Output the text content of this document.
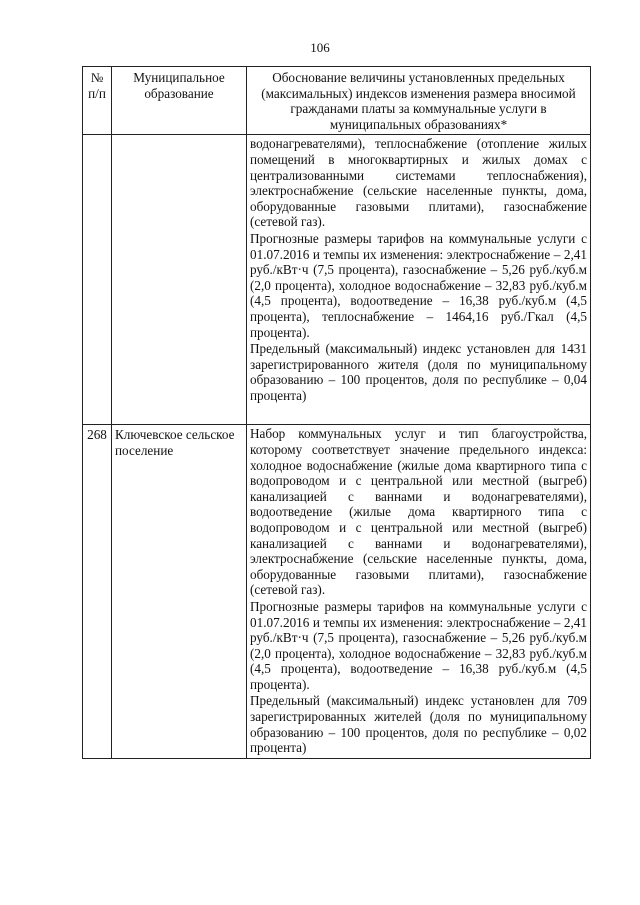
106
№ п/п	Муниципальное образование	Обоснование величины установленных предельных (максимальных) индексов изменения размера вносимой гражданами платы за коммунальные услуги в муниципальных образованиях*

		водонагревателями), теплоснабжение (отопление жилых помещений в многоквартирных и жилых домах с централизованными системами теплоснабжения), электроснабжение (сельские населенные пункты, дома, оборудованные газовыми плитами), газоснабжение (сетевой газ).

Прогнозные размеры тарифов на коммунальные услуги с 01.07.2016 и темпы их изменения: электроснабжение – 2,41 руб./кВт·ч (7,5 процента), газоснабжение – 5,26 руб./куб.м (2,0 процента), холодное водоснабжение – 32,83 руб./куб.м (4,5 процента), водоотведение – 16,38 руб./куб.м (4,5 процента), теплоснабжение – 1464,16 руб./Гкал (4,5 процента).

Предельный (максимальный) индекс установлен для 1431 зарегистрированного жителя (доля по муниципальному образованию – 100 процентов, доля по республике – 0,04 процента)

268	Ключевское сельское поселение	Набор коммунальных услуг и тип благоустройства, которому соответствует значение предельного индекса: холодное водоснабжение (жилые дома квартирного типа с водопроводом и с центральной или местной (выгреб) канализацией с ваннами и водонагревателями), водоотведение (жилые дома квартирного типа с водопроводом и с центральной или местной (выгреб) канализацией с ваннами и водонагревателями), электроснабжение (сельские населенные пункты, дома, оборудованные газовыми плитами), газоснабжение (сетевой газ).

Прогнозные размеры тарифов на коммунальные услуги с 01.07.2016 и темпы их изменения: электроснабжение – 2,41 руб./кВт·ч (7,5 процента), газоснабжение – 5,26 руб./куб.м (2,0 процента), холодное водоснабжение – 32,83 руб./куб.м (4,5 процента), водоотведение – 16,38 руб./куб.м (4,5 процента).

Предельный (максимальный) индекс установлен для 709 зарегистрированных жителей (доля по муниципальному образованию – 100 процентов, доля по республике – 0,02 процента)
